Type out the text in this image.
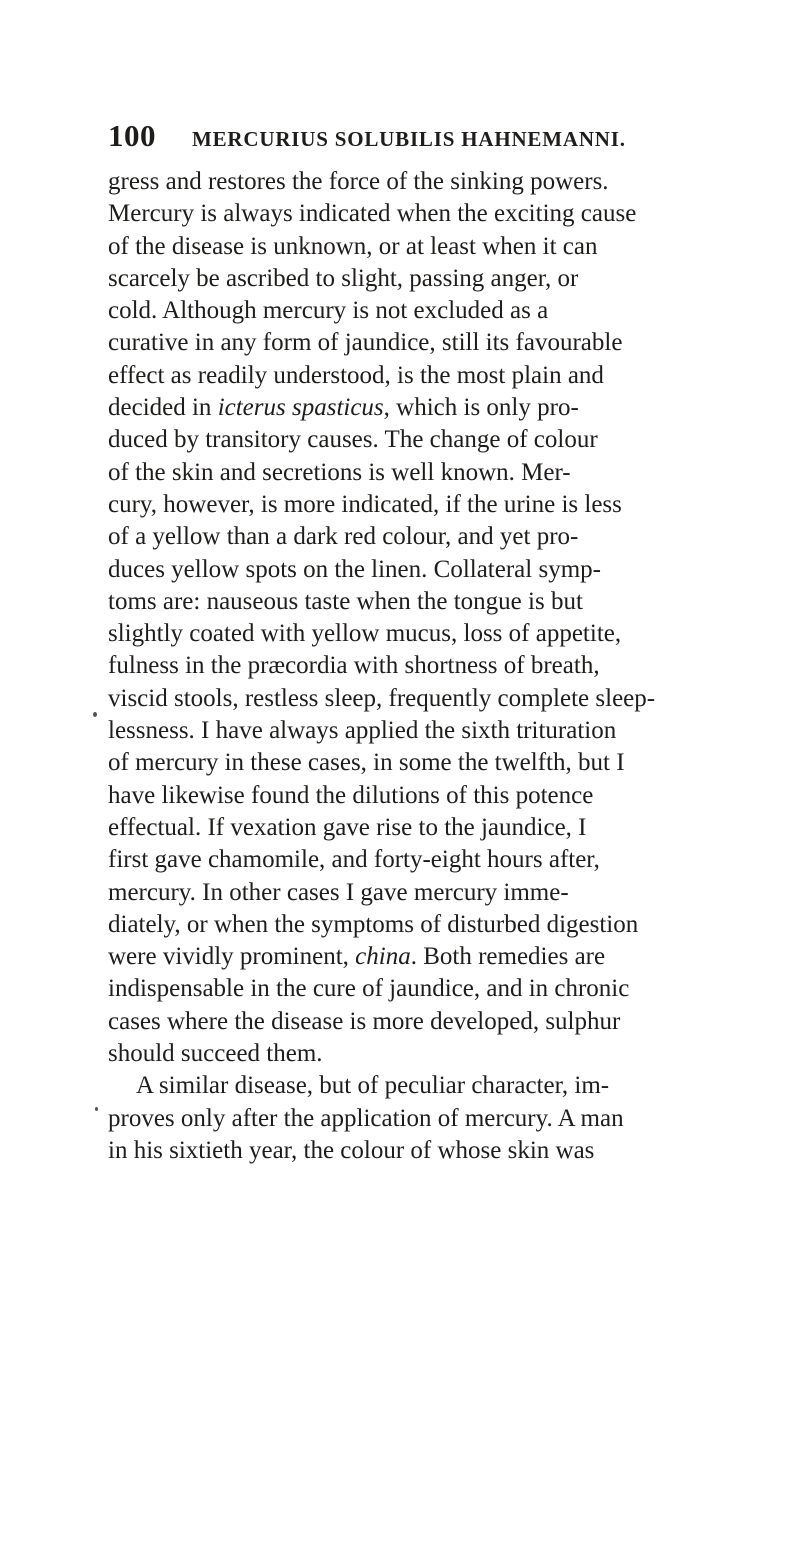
100 MERCURIUS SOLUBILIS HAHNEMANNI.
gress and restores the force of the sinking powers.
Mercury is always indicated when the exciting cause
of the disease is unknown, or at least when it can
scarcely be ascribed to slight, passing anger, or
cold. Although mercury is not excluded as a
curative in any form of jaundice, still its favourable
effect as readily understood, is the most plain and
decided in icterus spasticus, which is only pro-
duced by transitory causes. The change of colour
of the skin and secretions is well known. Mer-
cury, however, is more indicated, if the urine is less
of a yellow than a dark red colour, and yet pro-
duces yellow spots on the linen. Collateral symp-
toms are: nauseous taste when the tongue is but
slightly coated with yellow mucus, loss of appetite,
fulness in the præcordia with shortness of breath,
viscid stools, restless sleep, frequently complete sleep-
lessness. I have always applied the sixth trituration
of mercury in these cases, in some the twelfth, but I
have likewise found the dilutions of this potence
effectual. If vexation gave rise to the jaundice, I
first gave chamomile, and forty-eight hours after,
mercury. In other cases I gave mercury imme-
diately, or when the symptoms of disturbed digestion
were vividly prominent, china. Both remedies are
indispensable in the cure of jaundice, and in chronic
cases where the disease is more developed, sulphur
should succeed them.
A similar disease, but of peculiar character, im-
proves only after the application of mercury. A man
in his sixtieth year, the colour of whose skin was
